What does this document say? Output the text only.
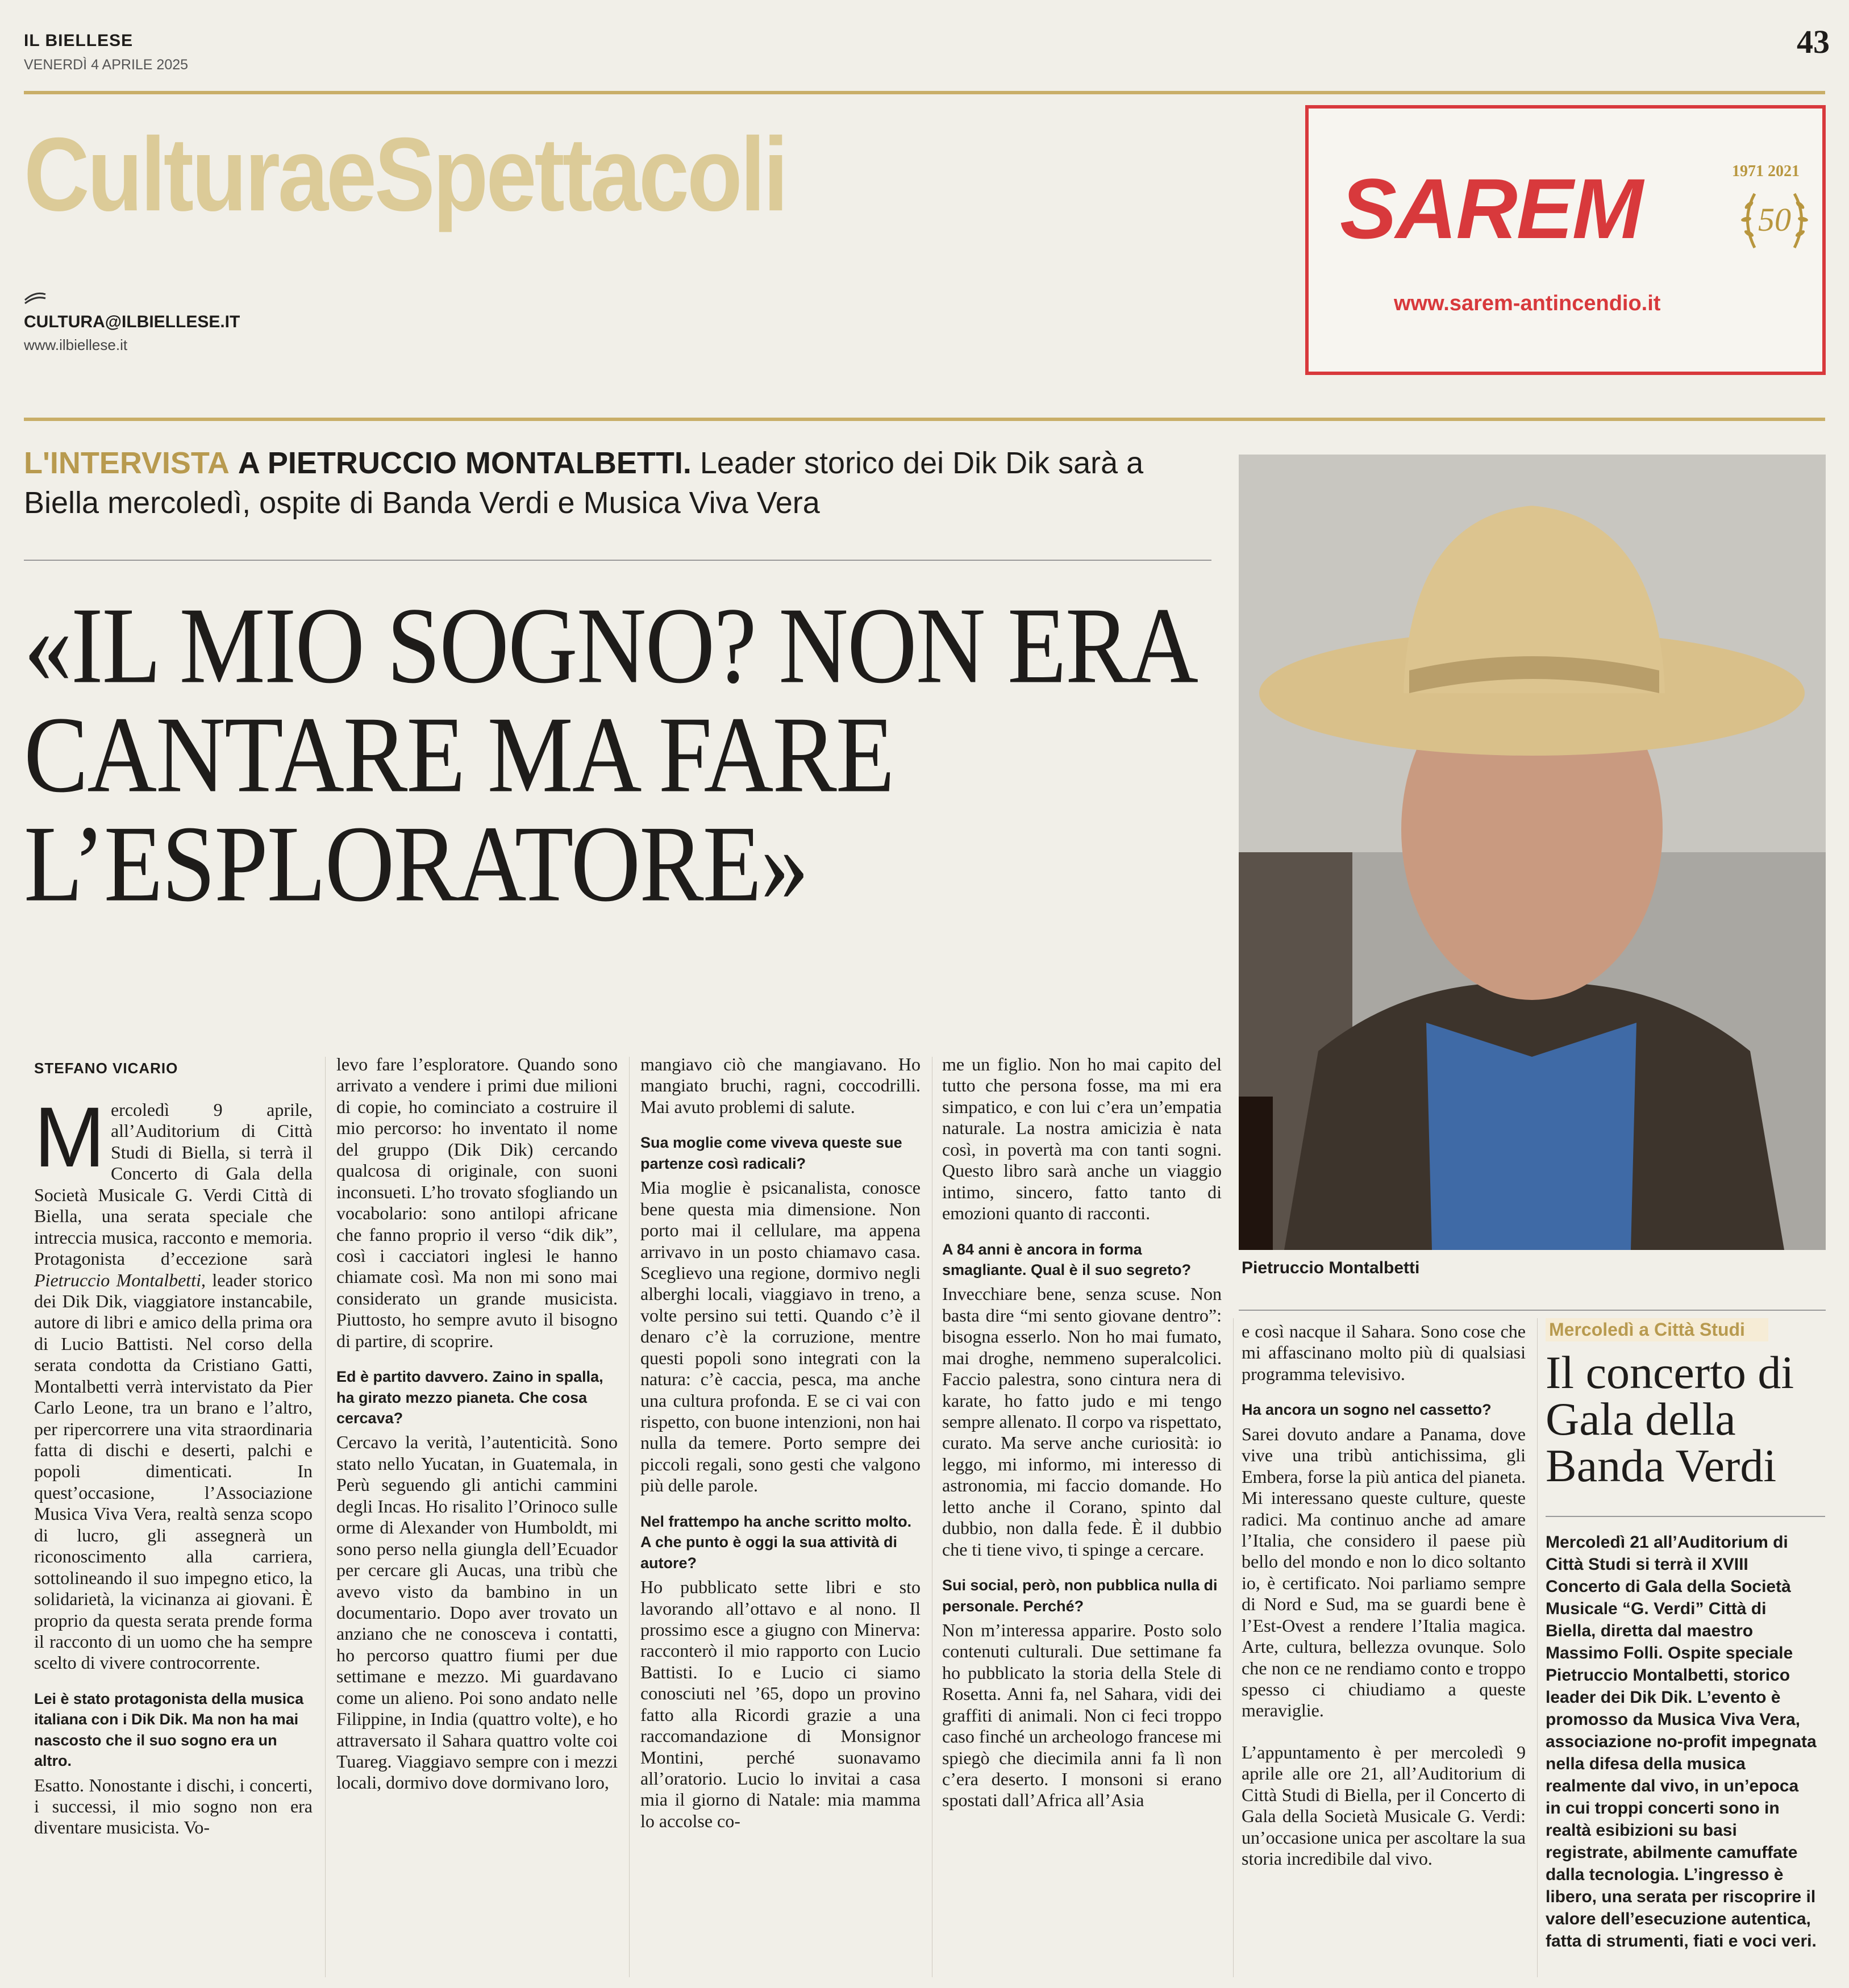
IL BIELLESE
VENERDÌ 4 APRILE 2025
43
CulturaeSpettacoli
CULTURA@ILBIELLESE.IT
www.ilbiellese.it
SAREM	1971 2021
50
www.sarem-antincendio.it
L'INTERVISTA A PIETRUCCIO MONTALBETTI. Leader storico dei Dik Dik sarà a Biella mercoledì, ospite di Banda Verdi e Musica Viva Vera
«IL MIO SOGNO? NON ERA CANTARE MA FARE L’ESPLORATORE»
Pietruccio Montalbetti
STEFANO VICARIO

Mercoledì 9 aprile, all’Auditorium di Città Studi di Biella, si terrà il Concerto di Gala della Società Musicale G. Verdi Città di Biella, una serata speciale che intreccia musica, racconto e memoria. Protagonista d’eccezione sarà Pietruccio Montalbetti, leader storico dei Dik Dik, viaggiatore instancabile, autore di libri e amico della prima ora di Lucio Battisti. Nel corso della serata condotta da Cristiano Gatti, Montalbetti verrà intervistato da Pier Carlo Leone, tra un brano e l’altro, per ripercorrere una vita straordinaria fatta di dischi e deserti, palchi e popoli dimenticati. In quest’occasione, l’Associazione Musica Viva Vera, realtà senza scopo di lucro, gli assegnerà un riconoscimento alla carriera, sottolineando il suo impegno etico, la solidarietà, la vicinanza ai giovani. È proprio da questa serata prende forma il racconto di un uomo che ha sempre scelto di vivere controcorrente.

Lei è stato protagonista della musica italiana con i Dik Dik. Ma non ha mai nascosto che il suo sogno era un altro.

Esatto. Nonostante i dischi, i concerti, i successi, il mio sogno non era diventare musicista. Vo-

levo fare l’esploratore. Quando sono arrivato a vendere i primi due milioni di copie, ho cominciato a costruire il mio percorso: ho inventato il nome del gruppo (Dik Dik) cercando qualcosa di originale, con suoni inconsueti. L’ho trovato sfogliando un vocabolario: sono antilopi africane che fanno proprio il verso “dik dik”, così i cacciatori inglesi le hanno chiamate così. Ma non mi sono mai considerato un grande musicista. Piuttosto, ho sempre avuto il bisogno di partire, di scoprire.

Ed è partito davvero. Zaino in spalla, ha girato mezzo pianeta. Che cosa cercava?

Cercavo la verità, l’autenticità. Sono stato nello Yucatan, in Guatemala, in Perù seguendo gli antichi cammini degli Incas. Ho risalito l’Orinoco sulle orme di Alexander von Humboldt, mi sono perso nella giungla dell’Ecuador per cercare gli Aucas, una tribù che avevo visto da bambino in un documentario. Dopo aver trovato un anziano che ne conosceva i contatti, ho percorso quattro fiumi per due settimane e mezzo. Mi guardavano come un alieno. Poi sono andato nelle Filippine, in India (quattro volte), e ho attraversato il Sahara quattro volte coi Tuareg. Viaggiavo sempre con i mezzi locali, dormivo dove dormivano loro,

mangiavo ciò che mangiavano. Ho mangiato bruchi, ragni, coccodrilli. Mai avuto problemi di salute.

Sua moglie come viveva queste sue partenze così radicali?

Mia moglie è psicanalista, conosce bene questa mia dimensione. Non porto mai il cellulare, ma appena arrivavo in un posto chiamavo casa. Sceglievo una regione, dormivo negli alberghi locali, viaggiavo in treno, a volte persino sui tetti. Quando c’è il denaro c’è la corruzione, mentre questi popoli sono integrati con la natura: c’è caccia, pesca, ma anche una cultura profonda. E se ci vai con rispetto, con buone intenzioni, non hai nulla da temere. Porto sempre dei piccoli regali, sono gesti che valgono più delle parole.

Nel frattempo ha anche scritto molto. A che punto è oggi la sua attività di autore?

Ho pubblicato sette libri e sto lavorando all’ottavo e al nono. Il prossimo esce a giugno con Minerva: racconterò il mio rapporto con Lucio Battisti. Io e Lucio ci siamo conosciuti nel ’65, dopo un provino fatto alla Ricordi grazie a una raccomandazione di Monsignor Montini, perché suonavamo all’oratorio. Lucio lo invitai a casa mia il giorno di Natale: mia mamma lo accolse co-

me un figlio. Non ho mai capito del tutto che persona fosse, ma mi era simpatico, e con lui c’era un’empatia naturale. La nostra amicizia è nata così, in povertà ma con tanti sogni. Questo libro sarà anche un viaggio intimo, sincero, fatto tanto di emozioni quanto di racconti.

A 84 anni è ancora in forma smagliante. Qual è il suo segreto?

Invecchiare bene, senza scuse. Non basta dire “mi sento giovane dentro”: bisogna esserlo. Non ho mai fumato, mai droghe, nemmeno superalcolici. Faccio palestra, sono cintura nera di karate, ho fatto judo e mi tengo sempre allenato. Il corpo va rispettato, curato. Ma serve anche curiosità: io leggo, mi informo, mi interesso di astronomia, mi faccio domande. Ho letto anche il Corano, spinto dal dubbio, non dalla fede. È il dubbio che ti tiene vivo, ti spinge a cercare.

Sui social, però, non pubblica nulla di personale. Perché?

Non m’interessa apparire. Posto solo contenuti culturali. Due settimane fa ho pubblicato la storia della Stele di Rosetta. Anni fa, nel Sahara, vidi dei graffiti di animali. Non ci feci troppo caso finché un archeologo francese mi spiegò che diecimila anni fa lì non c’era deserto. I monsoni si erano spostati dall’Africa all’Asia

e così nacque il Sahara. Sono cose che mi affascinano molto più di qualsiasi programma televisivo.

Ha ancora un sogno nel cassetto?

Sarei dovuto andare a Panama, dove vive una tribù antichissima, gli Embera, forse la più antica del pianeta. Mi interessano queste culture, queste radici. Ma continuo anche ad amare l’Italia, che considero il paese più bello del mondo e non lo dico soltanto io, è certificato. Noi parliamo sempre di Nord e Sud, ma se guardi bene è l’Est-Ovest a rendere l’Italia magica. Arte, cultura, bellezza ovunque. Solo che non ce ne rendiamo conto e troppo spesso ci chiudiamo a queste meraviglie.

L’appuntamento è per mercoledì 9 aprile alle ore 21, all’Auditorium di Città Studi di Biella, per il Concerto di Gala della Società Musicale G. Verdi: un’occasione unica per ascoltare la sua storia incredibile dal vivo.

Mercoledì a Città Studi
Il concerto di Gala della Banda Verdi
Mercoledì 21 all’Auditorium di Città Studi si terrà il XVIII Concerto di Gala della Società Musicale “G. Verdi” Città di Biella, diretta dal maestro Massimo Folli. Ospite speciale Pietruccio Montalbetti, storico leader dei Dik Dik. L’evento è promosso da Musica Viva Vera, associazione no-profit impegnata nella difesa della musica realmente dal vivo, in un’epoca in cui troppi concerti sono in realtà esibizioni su basi registrate, abilmente camuffate dalla tecnologia. L’ingresso è libero, una serata per riscoprire il valore dell’esecuzione autentica, fatta di strumenti, fiati e voci veri.
